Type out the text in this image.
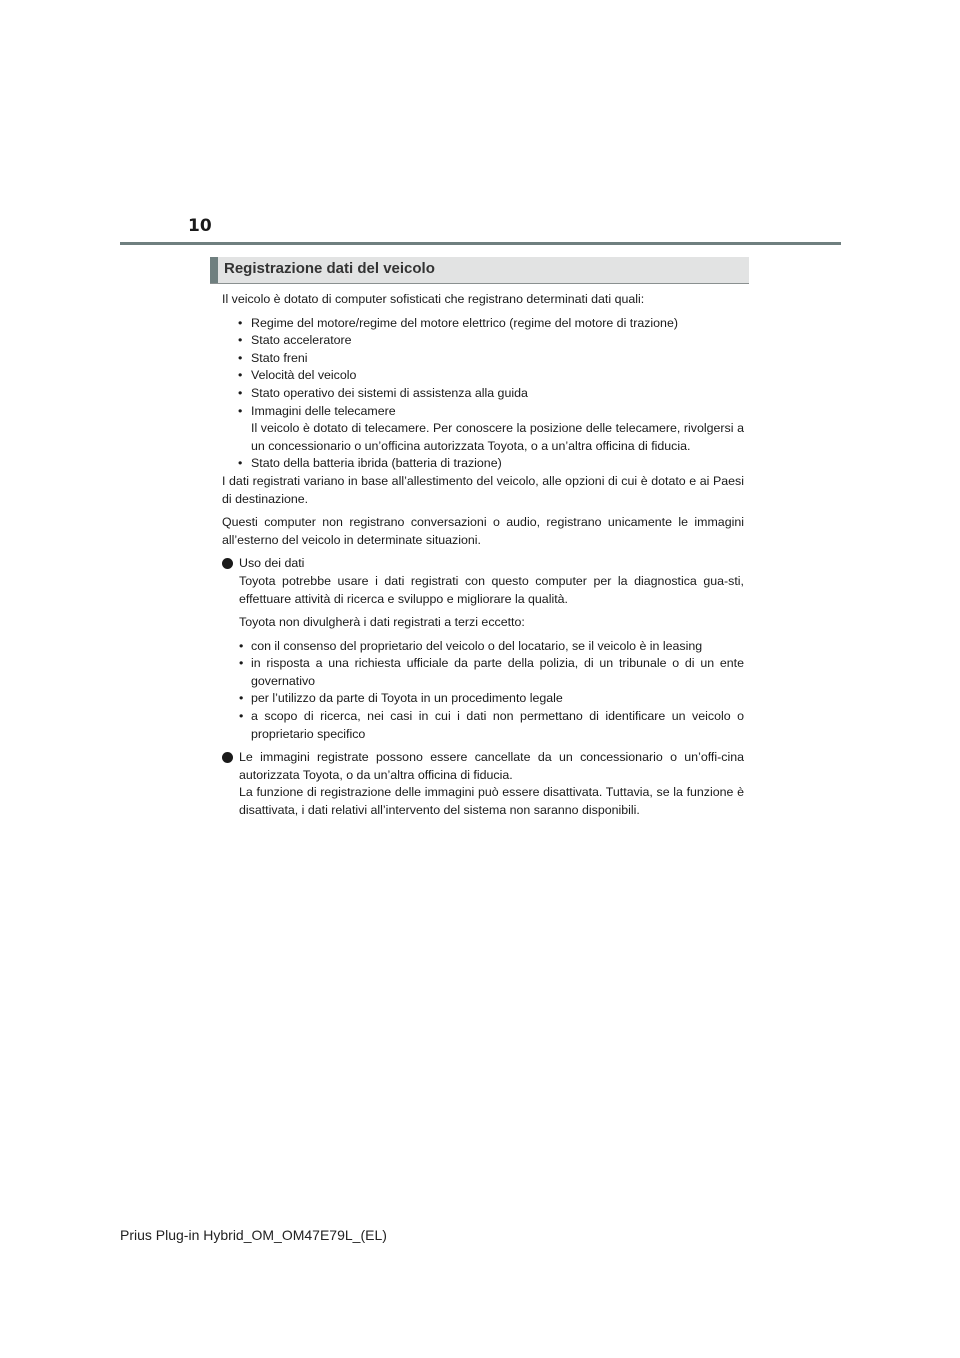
10
Registrazione dati del veicolo

Il veicolo è dotato di computer sofisticati che registrano determinati dati quali:

• Regime del motore/regime del motore elettrico (regime del motore di trazione)
• Stato acceleratore
• Stato freni
• Velocità del veicolo
• Stato operativo dei sistemi di assistenza alla guida
• Immagini delle telecamere
Il veicolo è dotato di telecamere. Per conoscere la posizione delle telecamere, rivolgersi a un concessionario o un’officina autorizzata Toyota, o a un’altra officina di fiducia.
• Stato della batteria ibrida (batteria di trazione)

I dati registrati variano in base all’allestimento del veicolo, alle opzioni di cui è dotato e ai Paesi di destinazione.

Questi computer non registrano conversazioni o audio, registrano unicamente le immagini all’esterno del veicolo in determinate situazioni.

Uso dei dati

Toyota potrebbe usare i dati registrati con questo computer per la diagnostica gua-sti, effettuare attività di ricerca e sviluppo e migliorare la qualità.

Toyota non divulgherà i dati registrati a terzi eccetto:

• con il consenso del proprietario del veicolo o del locatario, se il veicolo è in leasing
• in risposta a una richiesta ufficiale da parte della polizia, di un tribunale o di un ente governativo
• per l’utilizzo da parte di Toyota in un procedimento legale
• a scopo di ricerca, nei casi in cui i dati non permettano di identificare un veicolo o proprietario specifico

Le immagini registrate possono essere cancellate da un concessionario o un’offi-cina autorizzata Toyota, o da un’altra officina di fiducia.

La funzione di registrazione delle immagini può essere disattivata. Tuttavia, se la funzione è disattivata, i dati relativi all’intervento del sistema non saranno disponibili.

Prius Plug-in Hybrid_OM_OM47E79L_(EL)
